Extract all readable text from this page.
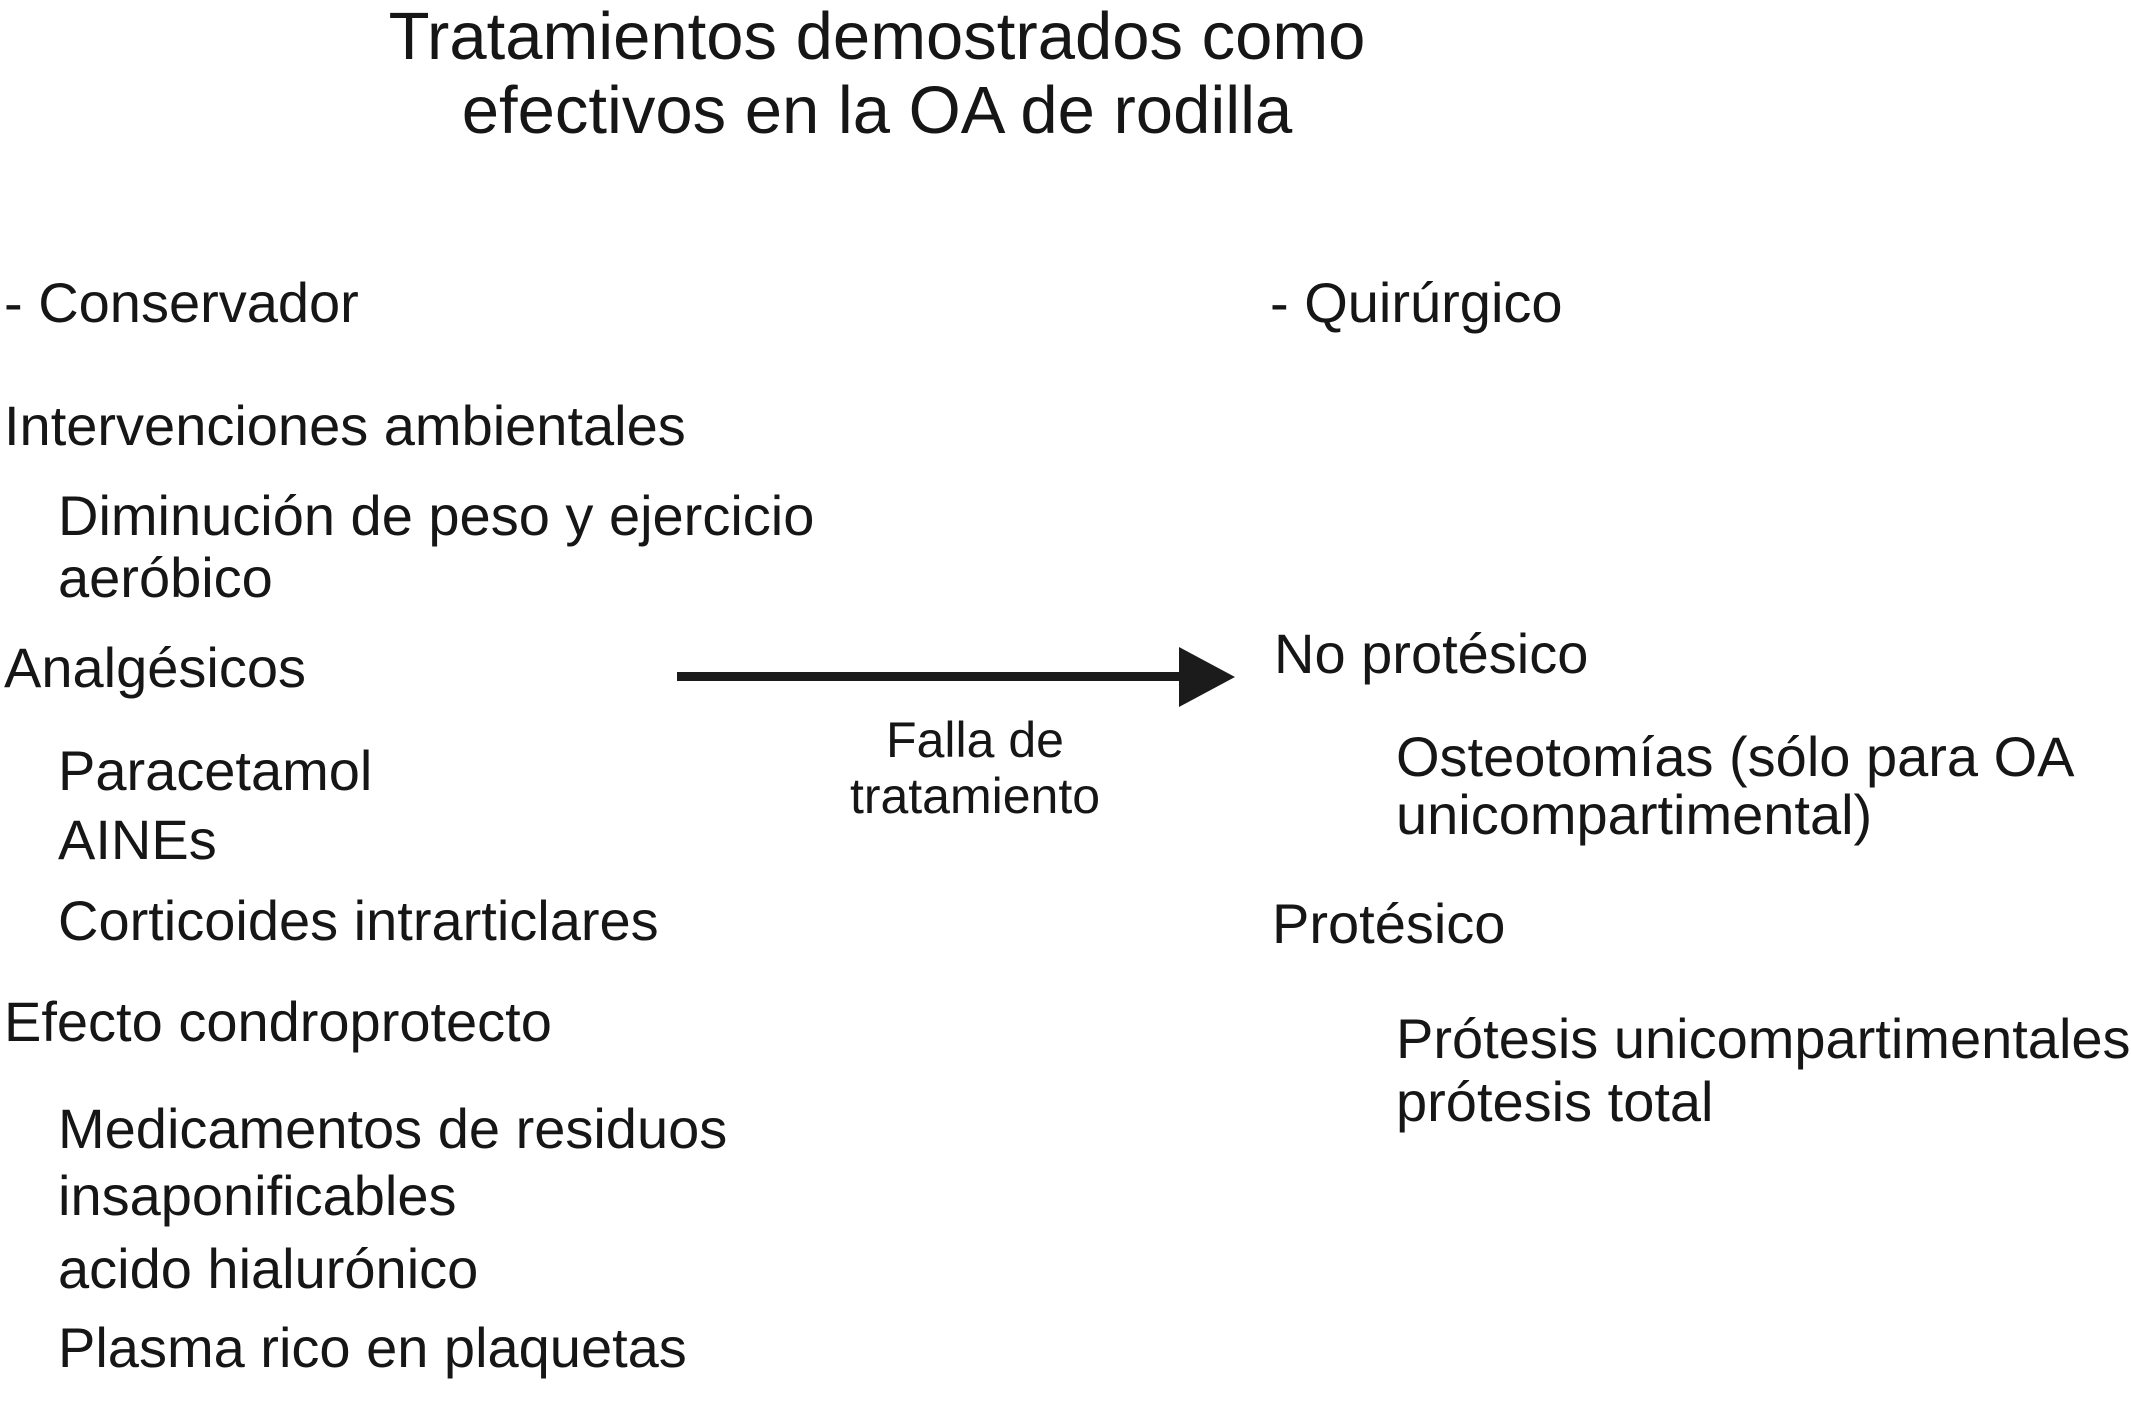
Tratamientos demostrados como
efectivos en la OA de rodilla
- Conservador
Intervenciones ambientales
Diminución de peso y ejercicio
aeróbico
Analgésicos
Paracetamol
AINEs
Corticoides intrarticlares
Efecto condroprotecto
Medicamentos de residuos
insaponificables
acido hialurónico
Plasma rico en plaquetas
Falla de
tratamiento
- Quirúrgico
No protésico
Osteotomías (sólo para OA
unicompartimental)
Protésico
Prótesis unicompartimentales
prótesis total
